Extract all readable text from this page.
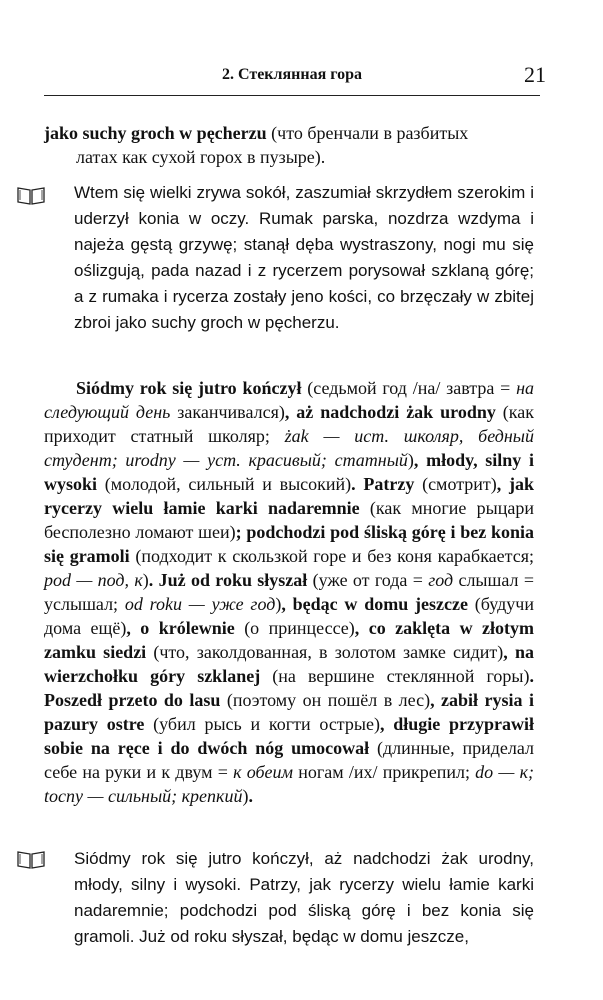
2. Стеклянная гора	21
jako suchy groch w pęcherzu (что бренчали в разбитых
латах как сухой горох в пузыре).
Wtem się wielki zrywa sokół, zaszumiał skrzydłem szerokim i uderzył konia w oczy. Rumak parska, nozdrza wzdyma i najeża gęstą grzywę; stanął dęba wystraszony, nogi mu się oślizgują, pada nazad i z rycerzem porysował szklaną górę; a z rumaka i rycerza zostały jeno kości, co brzęczały w zbitej zbroi jako suchy groch w pęcherzu.
Siódmy rok się jutro kończył (седьмой год /на/ завтра = на следующий день заканчивался), aż nadchodzi żak urodny (как приходит статный школяр; żak — ист. школяр, бедный студент; urodny — уст. красивый; статный), młody, silny i wysoki (молодой, сильный и высокий). Patrzy (смотрит), jak rycerzy wielu łamie karki nadaremnie (как многие рыцари бесполезно ломают шеи); podchodzi pod śliską górę i bez konia się gramoli (подходит к скользкой горе и без коня карабкается; pod — под, к). Już od roku słyszał (уже от года = год слышал = услышал; od roku — уже год), będąc w domu jeszcze (будучи дома ещё), o królewnie (о принцессе), co zaklęta w złotym zamku siedzi (что, заколдованная, в золотом замке сидит), na wierzchołku góry szklanej (на вершине стеклянной горы). Poszedł przeto do lasu (поэтому он пошёл в лес), zabił rysia i pazury ostre (убил рысь и когти острые), długie przyprawił sobie na ręce i do dwóch nóg umocował (длинные, приделал себе на руки и к двум = к обеим ногам /их/ прикрепил; do — к; tоспу — сильный; крепкий).
Siódmy rok się jutro kończył, aż nadchodzi żak urodny, młody, silny i wysoki. Patrzy, jak rycerzy wielu łamie karki nadaremnie; podchodzi pod śliską górę i bez konia się gramoli. Już od roku słyszał, będąc w domu jeszcze,
